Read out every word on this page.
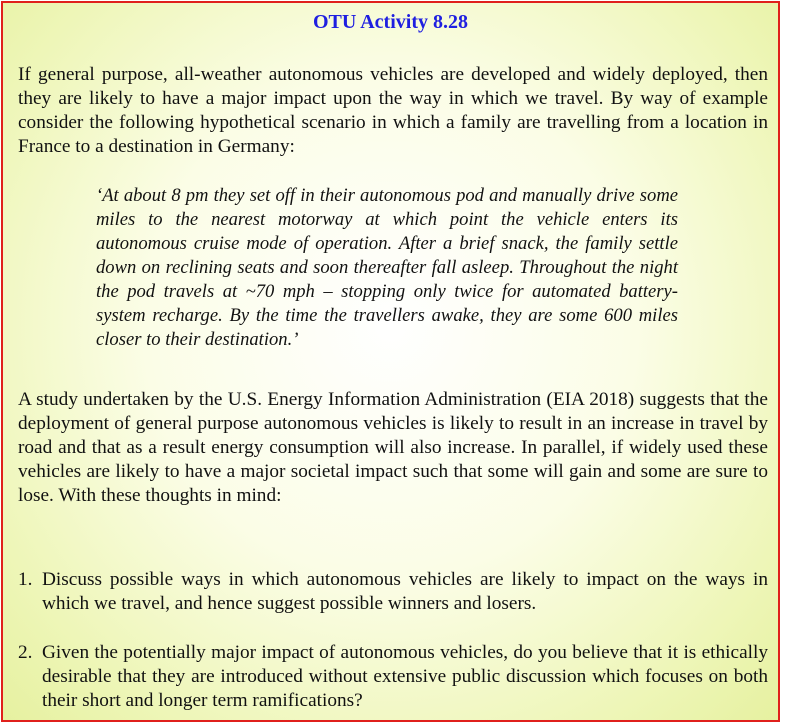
OTU Activity 8.28

If general purpose, all-weather autonomous vehicles are developed and widely deployed, then they are likely to have a major impact upon the way in which we travel. By way of example consider the following hypothetical scenario in which a family are travelling from a location in France to a destination in Germany:

‘At about 8 pm they set off in their autonomous pod and manually drive some miles to the nearest motorway at which point the vehicle enters its autonomous cruise mode of operation. After a brief snack, the family settle down on reclining seats and soon thereafter fall asleep. Throughout the night the pod travels at ~70 mph – stopping only twice for automated battery-system recharge. By the time the travellers awake, they are some 600 miles closer to their destination.’

A study undertaken by the U.S. Energy Information Administration (EIA 2018) suggests that the deployment of general purpose autonomous vehicles is likely to result in an increase in travel by road and that as a result energy consumption will also increase. In parallel, if widely used these vehicles are likely to have a major societal impact such that some will gain and some are sure to lose. With these thoughts in mind:

1. Discuss possible ways in which autonomous vehicles are likely to impact on the ways in which we travel, and hence suggest possible winners and losers.
2. Given the potentially major impact of autonomous vehicles, do you believe that it is ethically desirable that they are introduced without extensive public discussion which focuses on both their short and longer term ramifications?
